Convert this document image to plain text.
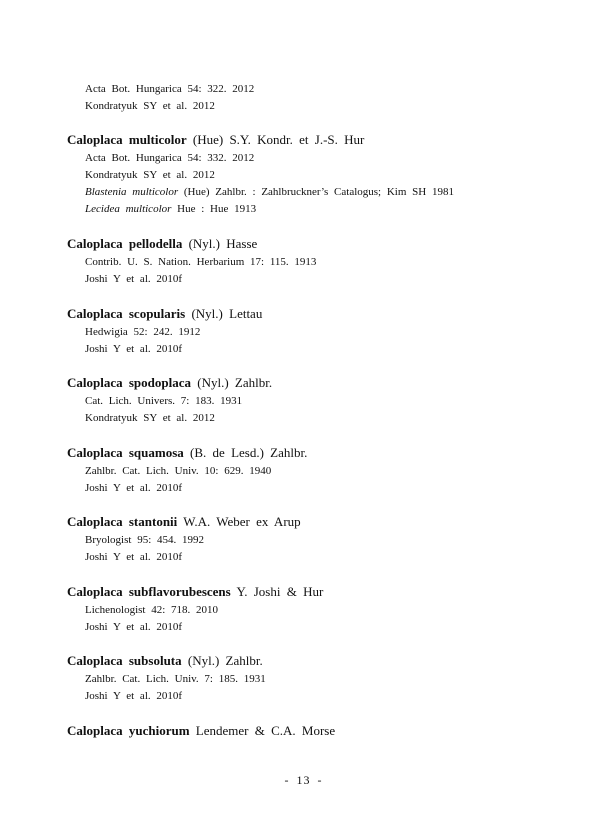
Acta Bot. Hungarica 54: 322. 2012
Kondratyuk SY et al. 2012
Caloplaca multicolor (Hue) S.Y. Kondr. et J.-S. Hur
Acta Bot. Hungarica 54: 332. 2012
Kondratyuk SY et al. 2012
Blastenia multicolor (Hue) Zahlbr. : Zahlbruckner’s Catalogus; Kim SH 1981
Lecidea multicolor Hue : Hue 1913
Caloplaca pellodella (Nyl.) Hasse
Contrib. U. S. Nation. Herbarium 17: 115. 1913
Joshi Y et al. 2010f
Caloplaca scopularis (Nyl.) Lettau
Hedwigia 52: 242. 1912
Joshi Y et al. 2010f
Caloplaca spodoplaca (Nyl.) Zahlbr.
Cat. Lich. Univers. 7: 183. 1931
Kondratyuk SY et al. 2012
Caloplaca squamosa (B. de Lesd.) Zahlbr.
Zahlbr. Cat. Lich. Univ. 10: 629. 1940
Joshi Y et al. 2010f
Caloplaca stantonii W.A. Weber ex Arup
Bryologist 95: 454. 1992
Joshi Y et al. 2010f
Caloplaca subflavorubescens Y. Joshi & Hur
Lichenologist 42: 718. 2010
Joshi Y et al. 2010f
Caloplaca subsoluta (Nyl.) Zahlbr.
Zahlbr. Cat. Lich. Univ. 7: 185. 1931
Joshi Y et al. 2010f
Caloplaca yuchiorum Lendemer & C.A. Morse
- 13 -
